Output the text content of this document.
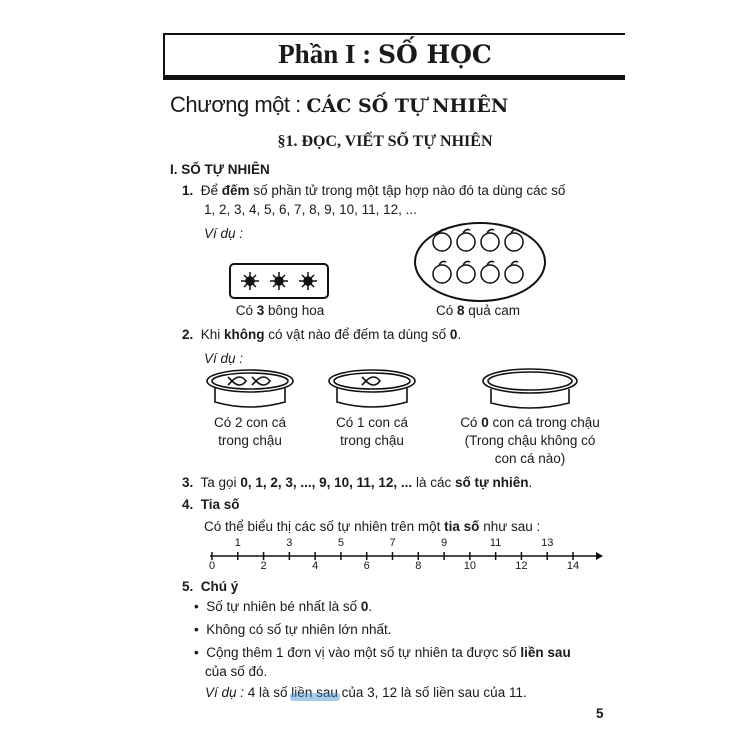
Phần I : SỐ HỌC
Chương một : CÁC SỐ TỰ NHIÊN
§1. ĐỌC, VIẾT SỐ TỰ NHIÊN
I. SỐ TỰ NHIÊN
1. Để đếm số phần tử trong một tập hợp nào đó ta dùng các số
1, 2, 3, 4, 5, 6, 7, 8, 9, 10, 11, 12, ...
Ví dụ :
Có 3 bông hoa	Có 8 quả cam
2. Khi không có vật nào để đếm ta dùng số 0.
Ví dụ :
Có 2 con cá
trong chậu
Có 1 con cá
trong chậu
Có 0 con cá trong chậu
(Trong chậu không có
con cá nào)
3. Ta gọi 0, 1, 2, 3, ..., 9, 10, 11, 12, ... là các số tự nhiên.
4. Tia số
Có thể biểu thị các số tự nhiên trên một tia số như sau :
1	3	5	7	9	11	13
0	2	4	6	8	10	12	14
5. Chú ý
•  Số tự nhiên bé nhất là số 0.
•  Không có số tự nhiên lớn nhất.
•  Cộng thêm 1 đơn vị vào một số tự nhiên ta được số liền sau
của số đó.
Ví dụ : 4 là số liền sau của 3, 12 là số liền sau của 11.
5
